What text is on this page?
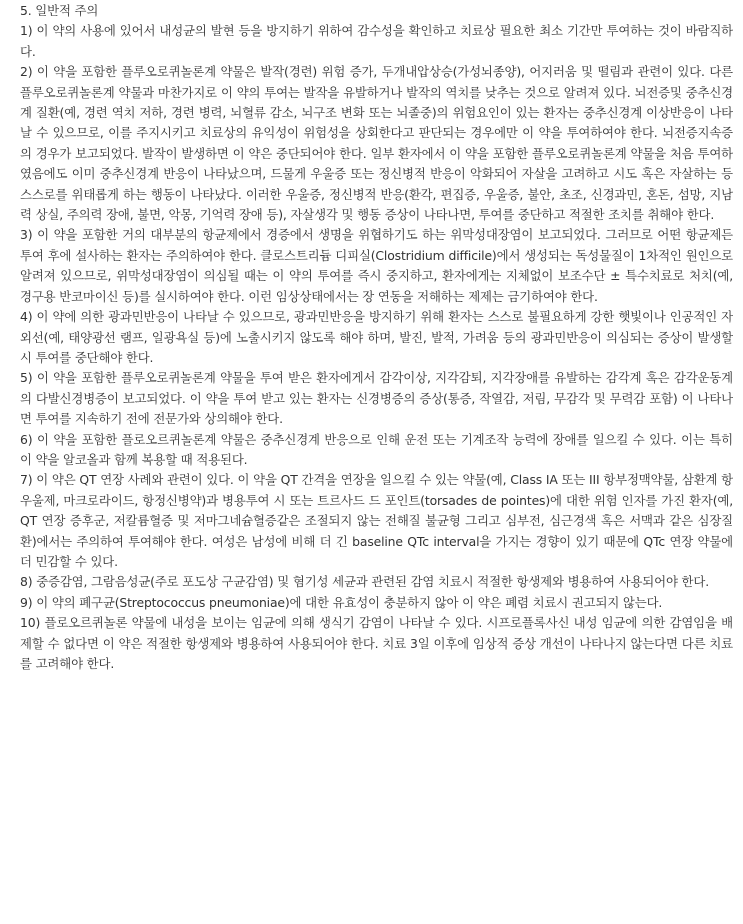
5. 일반적 주의

1) 이 약의 사용에 있어서 내성균의 발현 등을 방지하기 위하여 감수성을 확인하고 치료상 필요한 최소 기간만 투여하는 것이 바람직하다.

2) 이 약을 포함한 플루오로퀴놀론계 약물은 발작(경련) 위험 증가, 두개내압상승(가성뇌종양), 어지러움 및 떨림과 관련이 있다. 다른 플루오로퀴놀론계 약물과 마찬가지로 이 약의 투여는 발작을 유발하거나 발작의 역치를 낮추는 것으로 알려져 있다. 뇌전증및 중추신경계 질환(예, 경련 역치 저하, 경련 병력, 뇌혈류 감소, 뇌구조 변화 또는 뇌졸중)의 위험요인이 있는 환자는 중추신경계 이상반응이 나타날 수 있으므로, 이를 주지시키고 치료상의 유익성이 위험성을 상회한다고 판단되는 경우에만 이 약을 투여하여야 한다. 뇌전증지속증의 경우가 보고되었다. 발작이 발생하면 이 약은 중단되어야 한다. 일부 환자에서 이 약을 포함한 플루오로퀴놀론계 약물을 처음 투여하였음에도 이미 중추신경계 반응이 나타났으며, 드물게 우울증 또는 정신병적 반응이 악화되어 자살을 고려하고 시도 혹은 자살하는 등 스스로를 위태롭게 하는 행동이 나타났다. 이러한 우울증, 정신병적 반응(환각, 편집증, 우울증, 불안, 초조, 신경과민, 혼돈, 섬망, 지남력 상실, 주의력 장애, 불면, 악몽, 기억력 장애 등), 자살생각 및 행동 증상이 나타나면, 투여를 중단하고 적절한 조치를 취해야 한다.

3) 이 약을 포함한 거의 대부분의 항균제에서 경증에서 생명을 위협하기도 하는 위막성대장염이 보고되었다. 그러므로 어떤 항균제든 투여 후에 설사하는 환자는 주의하여야 한다. 클로스트리듐 디피실(Clostridium difficile)에서 생성되는 독성물질이 1차적인 원인으로 알려져 있으므로, 위막성대장염이 의심될 때는 이 약의 투여를 즉시 중지하고, 환자에게는 지체없이 보조수단 ± 특수치료로 처치(예, 경구용 반코마이신 등)를 실시하여야 한다. 이런 임상상태에서는 장 연동을 저해하는 제제는 금기하여야 한다.

4) 이 약에 의한 광과민반응이 나타날 수 있으므로, 광과민반응을 방지하기 위해 환자는 스스로 불필요하게 강한 햇빛이나 인공적인 자외선(예, 태양광선 램프, 일광욕실 등)에 노출시키지 않도록 해야 하며, 발진, 발적, 가려움 등의 광과민반응이 의심되는 증상이 발생할 시 투여를 중단해야 한다.

5) 이 약을 포함한 플루오로퀴놀론계 약물을 투여 받은 환자에게서 감각이상, 지각감퇴, 지각장애를 유발하는 감각계 혹은 감각운동계의 다발신경병증이 보고되었다. 이 약을 투여 받고 있는 환자는 신경병증의 증상(통증, 작열감, 저림, 무감각 및 무력감 포함) 이 나타나면 투여를 지속하기 전에 전문가와 상의해야 한다.

6) 이 약을 포함한 플로오르퀴놀론계 약물은 중추신경계 반응으로 인해 운전 또는 기계조작 능력에 장애를 일으킬 수 있다. 이는 특히 이 약을 알코올과 함께 복용할 때 적용된다.

7) 이 약은 QT 연장 사례와 관련이 있다. 이 약을 QT 간격을 연장을 일으킬 수 있는 약물(예, Class IA 또는 III 항부정맥약물, 삼환계 항우울제, 마크로라이드, 항정신병약)과 병용투여 시 또는 트르사드 드 포인트(torsades de pointes)에 대한 위험 인자를 가진 환자(예, QT 연장 증후군, 저칼륨혈증 및 저마그네슘혈증같은 조절되지 않는 전해질 불균형 그리고 심부전, 심근경색 혹은 서맥과 같은 심장질환)에서는 주의하여 투여해야 한다. 여성은 남성에 비해 더 긴 baseline QTc interval을 가지는 경향이 있기 때문에 QTc 연장 약물에 더 민감할 수 있다.

8) 중증감염, 그람음성균(주로 포도상 구균감염) 및 혐기성 세균과 관련된 감염 치료시 적절한 항생제와 병용하여 사용되어야 한다.

9) 이 약의 폐구균(Streptococcus pneumoniae)에 대한 유효성이 충분하지 않아 이 약은 폐렴 치료시 권고되지 않는다.

10) 플로오르퀴놀론 약물에 내성을 보이는 임균에 의해 생식기 감염이 나타날 수 있다. 시프로플록사신 내성 임균에 의한 감염임을 배제할 수 없다면 이 약은 적절한 항생제와 병용하여 사용되어야 한다. 치료 3일 이후에 임상적 증상 개선이 나타나지 않는다면 다른 치료를 고려해야 한다.
